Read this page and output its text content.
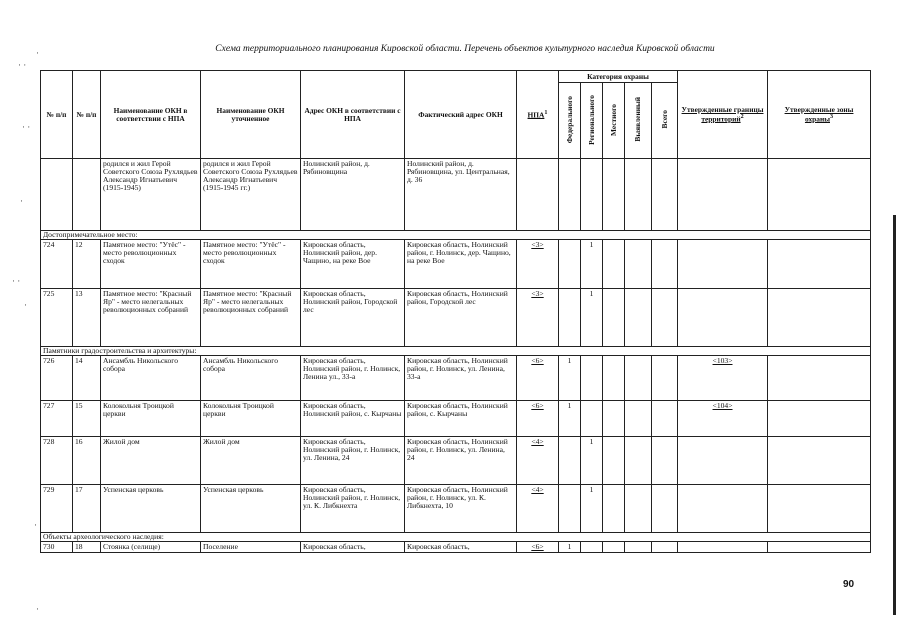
Схема территориального планирования Кировской области. Перечень объектов культурного наследия Кировской области
·
· ·
· ·
·
· ·
·
·
·
№ п/п	№ п/п	Наименование ОКН в соответствии с НПА	Наименование ОКН уточненное	Адрес ОКН в соответствии с НПА	Фактический адрес ОКН	НПА$^1$	Категория охраны					Утвержденные границы территорий$^2$	Утвержденные зоны охраны$^3$
							Федерального	Регионального	Местного	Выявленный	Всего		
		родился и жил Герой Советского Союза Рухлядьев Александр Игнатьевич (1915-1945)	родился и жил Герой Советского Союза Рухлядьев Александр Игнатьевич (1915-1945 гг.)	Нолинский район, д. Рябиновщина	Нолинский район, д. Рябиновщина, ул. Центральная, д. 36								
Достопримечательное место:													
724	12	Памятное место: "Утёс" - место революционных сходок	Памятное место: "Утёс" - место революционных сходок	Кировская область, Нолинский район, дер. Чащино, на реке Вое	Кировская область, Нолинский район, г. Нолинск, дер. Чащино, на реке Вое	<3>		1					
725	13	Памятное место: "Красный Яр" - место нелегальных революционных собраний	Памятное место: "Красный Яр" - место нелегальных революционных собраний	Кировская область, Нолинский район, Городской лес	Кировская область, Нолинский район, Городской лес	<3>		1					
Памятники градостроительства и архитектуры:													
726	14	Ансамбль Никольского собора	Ансамбль Никольского собора	Кировская область, Нолинский район, г. Нолинск, Ленина ул., 33-а	Кировская область, Нолинский район, г. Нолинск, ул. Ленина, 33-а	<6>	1					<103>	
727	15	Колокольня Троицкой церкви	Колокольня Троицкой церкви	Кировская область, Нолинский район, с. Кырчаны	Кировская область, Нолинский район, с. Кырчаны	<6>	1					<104>	
728	16	Жилой дом	Жилой дом	Кировская область, Нолинский район, г. Нолинск, ул. Ленина, 24	Кировская область, Нолинский район, г. Нолинск, ул. Ленина, 24	<4>		1					
729	17	Успенская церковь	Успенская церковь	Кировская область, Нолинский район, г. Нолинск, ул. К. Либкнехта	Кировская область, Нолинский район, г. Нолинск, ул. К. Либкнехта, 10	<4>		1					
Объекты археологического наследия:													
730	18	Стоянка (селище)	Поселение	Кировская область,	Кировская область,	<6>	1						
90
